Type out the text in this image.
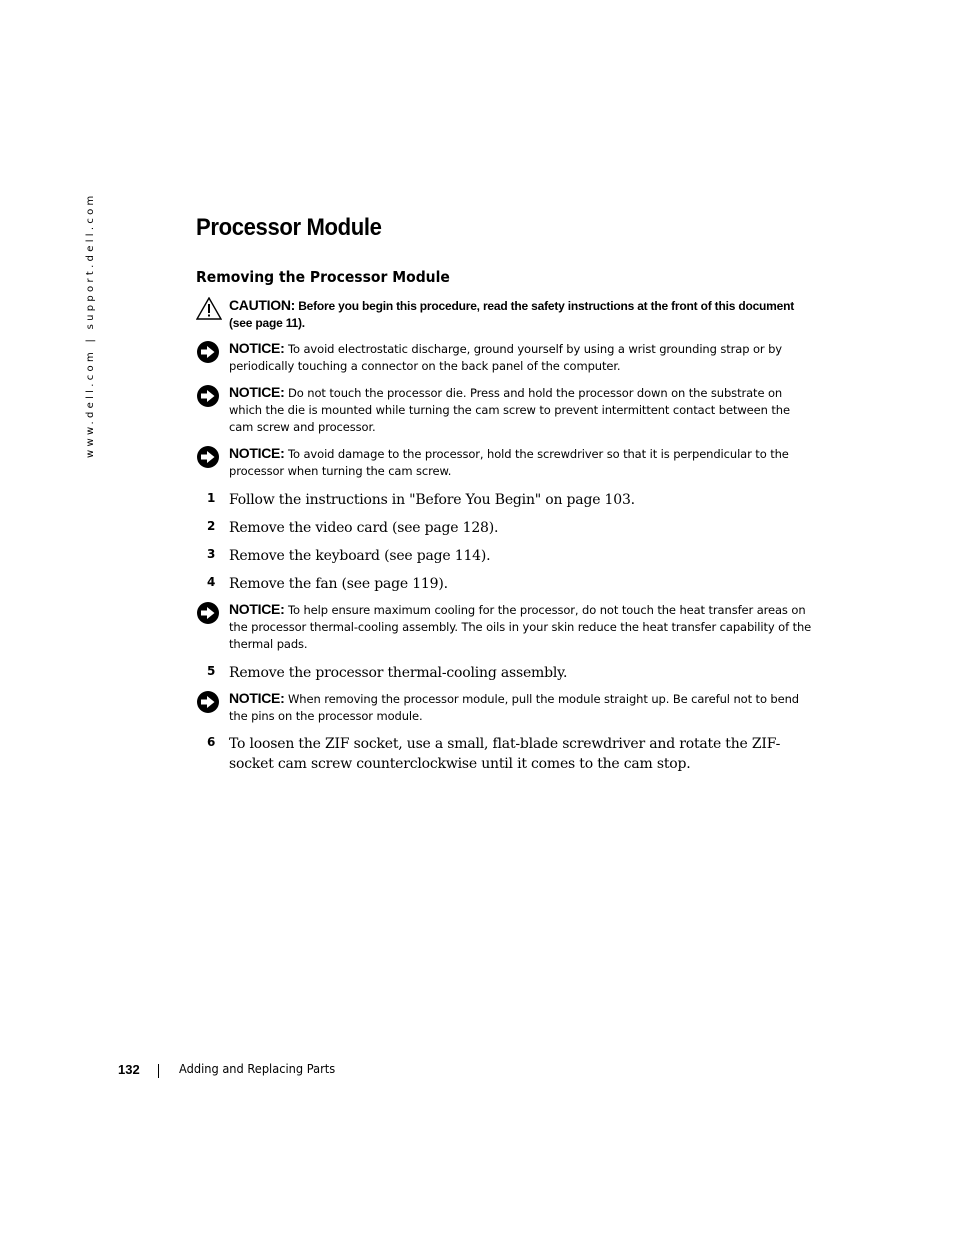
www.dell.com | support.dell.com	Processor Module
Removing the Processor Module
CAUTION: Before you begin this procedure, read the safety instructions at the front of this document (see page 11).
NOTICE: To avoid electrostatic discharge, ground yourself by using a wrist grounding strap or by periodically touching a connector on the back panel of the computer.
NOTICE: Do not touch the processor die. Press and hold the processor down on the substrate on which the die is mounted while turning the cam screw to prevent intermittent contact between the cam screw and processor.
NOTICE: To avoid damage to the processor, hold the screwdriver so that it is perpendicular to the processor when turning the cam screw.
1 Follow the instructions in "Before You Begin" on page 103.
2 Remove the video card (see page 128).
3 Remove the keyboard (see page 114).
4 Remove the fan (see page 119).
NOTICE: To help ensure maximum cooling for the processor, do not touch the heat transfer areas on the processor thermal-cooling assembly. The oils in your skin reduce the heat transfer capability of the thermal pads.
5 Remove the processor thermal-cooling assembly.
NOTICE: When removing the processor module, pull the module straight up. Be careful not to bend the pins on the processor module.
6 To loosen the ZIF socket, use a small, flat-blade screwdriver and rotate the ZIF-socket cam screw counterclockwise until it comes to the cam stop.
132	Adding and Replacing Parts
